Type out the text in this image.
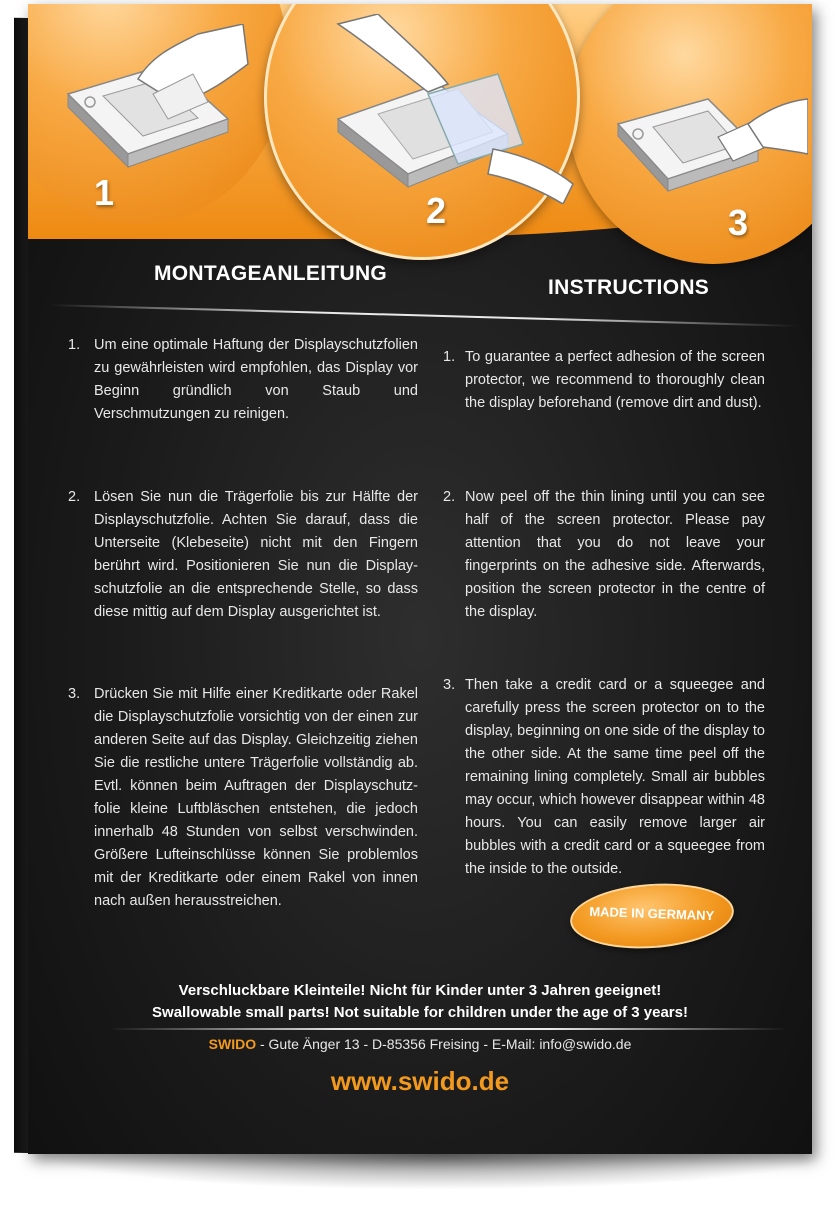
1	2	3
MONTAGEANLEITUNG
INSTRUCTIONS
1. Um eine optimale Haftung der Displayschutzfolien zu gewährleisten wird empfohlen, das Display vor Beginn gründlich von Staub und Verschmutzungen zu reinigen.
2. Lösen Sie nun die Trägerfolie bis zur Hälfte der Displayschutzfolie. Achten Sie darauf, dass die Unterseite (Klebeseite) nicht mit den Fingern berührt wird. Positionieren Sie nun die Display-schutzfolie an die entsprechende Stelle, so dass diese mittig auf dem Display ausgerichtet ist.
3. Drücken Sie mit Hilfe einer Kreditkarte oder Rakel die Displayschutzfolie vorsichtig von der einen zur anderen Seite auf das Display. Gleichzeitig ziehen Sie die restliche untere Trägerfolie vollständig ab. Evtl. können beim Auftragen der Displayschutz-folie kleine Luftbläschen entstehen, die jedoch innerhalb 48 Stunden von selbst verschwinden. Größere Lufteinschlüsse können Sie problemlos mit der Kreditkarte oder einem Rakel von innen nach außen herausstreichen.
1. To guarantee a perfect adhesion of the screen protector, we recommend to thoroughly clean the display beforehand (remove dirt and dust).
2. Now peel off the thin lining until you can see half of the screen protector. Please pay attention that you do not leave your fingerprints on the adhesive side. Afterwards, position the screen protector in the centre of the display.
3. Then take a credit card or a squeegee and carefully press the screen protector on to the display, beginning on one side of the display to the other side. At the same time peel off the remaining lining completely. Small air bubbles may occur, which however disappear within 48 hours. You can easily remove larger air bubbles with a credit card or a squeegee from the inside to the outside.
MADE IN GERMANY
Verschluckbare Kleinteile! Nicht für Kinder unter 3 Jahren geeignet!
Swallowable small parts! Not suitable for children under the age of 3 years!
SWIDO - Gute Änger 13 - D-85356 Freising - E-Mail: info@swido.de
www.swido.de
